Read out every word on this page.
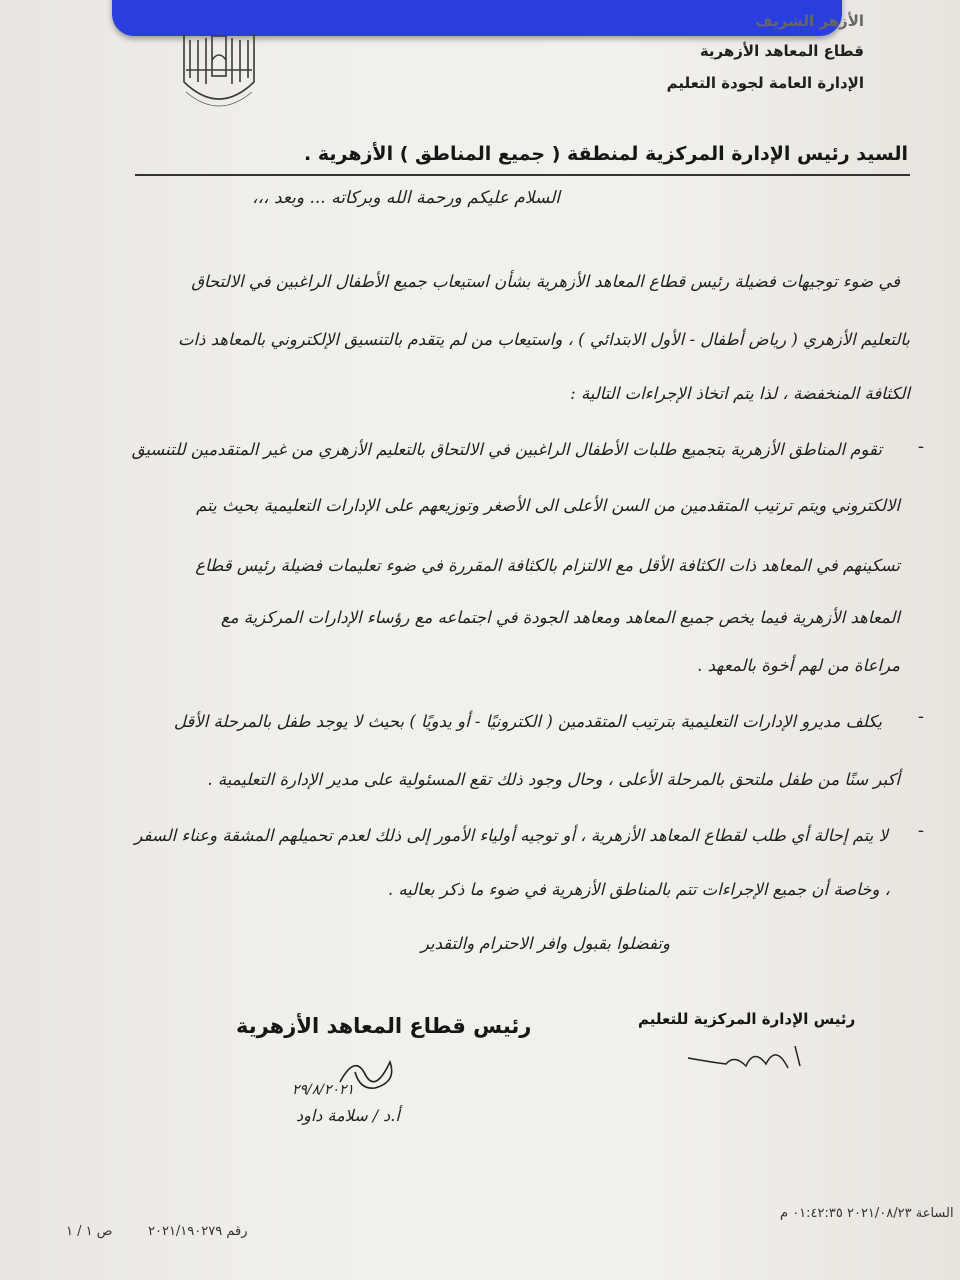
الأزهر الشريف
قطاع المعاهد الأزهرية
الإدارة العامة لجودة التعليم
السيد رئيس الإدارة المركزية لمنطقة ( جميع المناطق ) الأزهرية .
السلام عليكم ورحمة الله وبركاته ... وبعد ،،،
في ضوء توجيهات فضيلة رئيس قطاع المعاهد الأزهرية بشأن استيعاب جميع الأطفال الراغبين في الالتحاق
بالتعليم الأزهري ( رياض أطفال - الأول الابتدائي ) ، واستيعاب من لم يتقدم بالتنسيق الإلكتروني بالمعاهد ذات
الكثافة المنخفضة ، لذا يتم اتخاذ الإجراءات التالية :
-
تقوم المناطق الأزهرية بتجميع طلبات الأطفال الراغبين في الالتحاق بالتعليم الأزهري من غير المتقدمين للتنسيق
الالكتروني ويتم ترتيب المتقدمين من السن الأعلى الى الأصغر وتوزيعهم على الإدارات التعليمية بحيث يتم
تسكينهم في المعاهد ذات الكثافة الأقل مع الالتزام بالكثافة المقررة في ضوء تعليمات فضيلة رئيس قطاع
المعاهد الأزهرية فيما يخص جميع المعاهد ومعاهد الجودة في اجتماعه مع رؤساء الإدارات المركزية مع
مراعاة من لهم أخوة بالمعهد .
-
يكلف مديرو الإدارات التعليمية بترتيب المتقدمين ( الكترونيًا - أو يدويًا ) بحيث لا يوجد طفل بالمرحلة الأقل
أكبر سنًا من طفل ملتحق بالمرحلة الأعلى ، وحال وجود ذلك تقع المسئولية على مدير الإدارة التعليمية .
-
لا يتم إحالة أي طلب لقطاع المعاهد الأزهرية ، أو توجيه أولياء الأمور إلى ذلك لعدم تحميلهم المشقة وعناء السفر
، وخاصة أن جميع الإجراءات تتم بالمناطق الأزهرية في ضوء ما ذكر بعاليه .
وتفضلوا بقبول وافر الاحترام والتقدير
رئيس قطاع المعاهد الأزهرية	رئيس الإدارة المركزية للتعليم
٢٩/٨/٢٠٢١
أ.د / سلامة داود
الساعة ٢٠٢١/٠٨/٢٣ ٠١:٤٢:٣٥ م
رقم ٢٠٢١/١٩٠٢٧٩
ص ١ / ١
